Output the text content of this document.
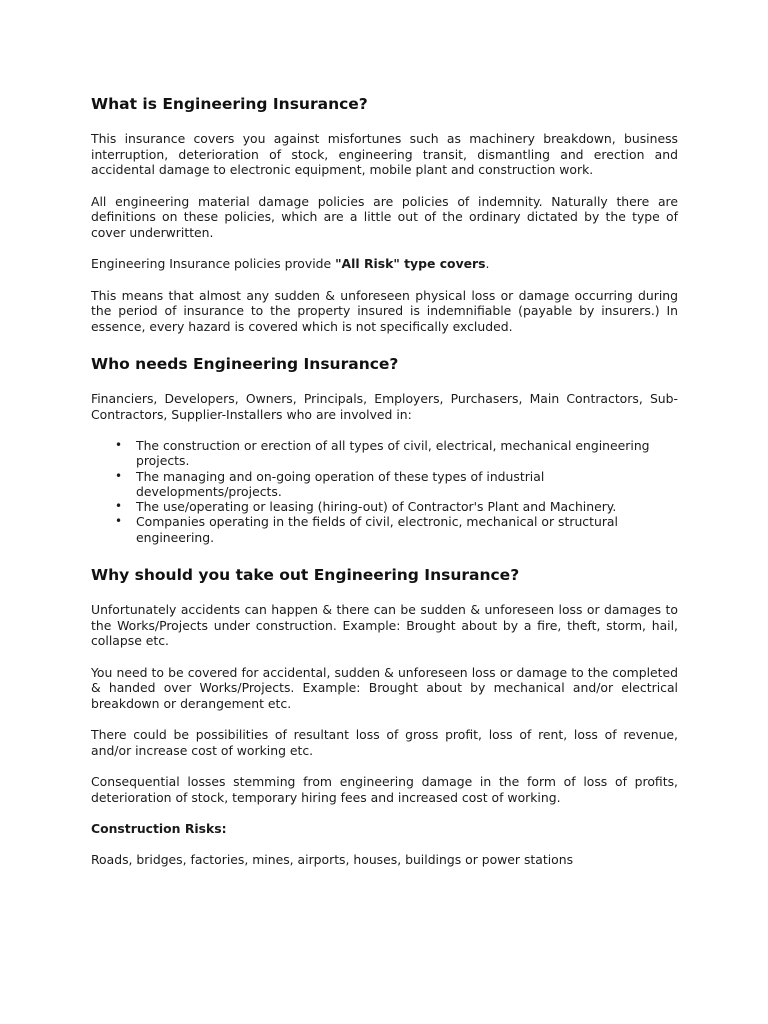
What is Engineering Insurance?

This insurance covers you against misfortunes such as machinery breakdown, business interruption, deterioration of stock, engineering transit, dismantling and erection and accidental damage to electronic equipment, mobile plant and construction work.

All engineering material damage policies are policies of indemnity. Naturally there are definitions on these policies, which are a little out of the ordinary dictated by the type of cover underwritten.

Engineering Insurance policies provide "All Risk" type covers.

This means that almost any sudden & unforeseen physical loss or damage occurring during the period of insurance to the property insured is indemnifiable (payable by insurers.) In essence, every hazard is covered which is not specifically excluded.

Who needs Engineering Insurance?

Financiers, Developers, Owners, Principals, Employers, Purchasers, Main Contractors, Sub-Contractors, Supplier-Installers who are involved in:

• The construction or erection of all types of civil, electrical, mechanical engineering projects.
• The managing and on-going operation of these types of industrial developments/projects.
• The use/operating or leasing (hiring-out) of Contractor's Plant and Machinery.
• Companies operating in the fields of civil, electronic, mechanical or structural engineering.
Why should you take out Engineering Insurance?

Unfortunately accidents can happen & there can be sudden & unforeseen loss or damages to the Works/Projects under construction. Example: Brought about by a fire, theft, storm, hail, collapse etc.

You need to be covered for accidental, sudden & unforeseen loss or damage to the completed & handed over Works/Projects. Example: Brought about by mechanical and/or electrical breakdown or derangement etc.

There could be possibilities of resultant loss of gross profit, loss of rent, loss of revenue, and/or increase cost of working etc.

Consequential losses stemming from engineering damage in the form of loss of profits, deterioration of stock, temporary hiring fees and increased cost of working.

Construction Risks:

Roads, bridges, factories, mines, airports, houses, buildings or power stations
